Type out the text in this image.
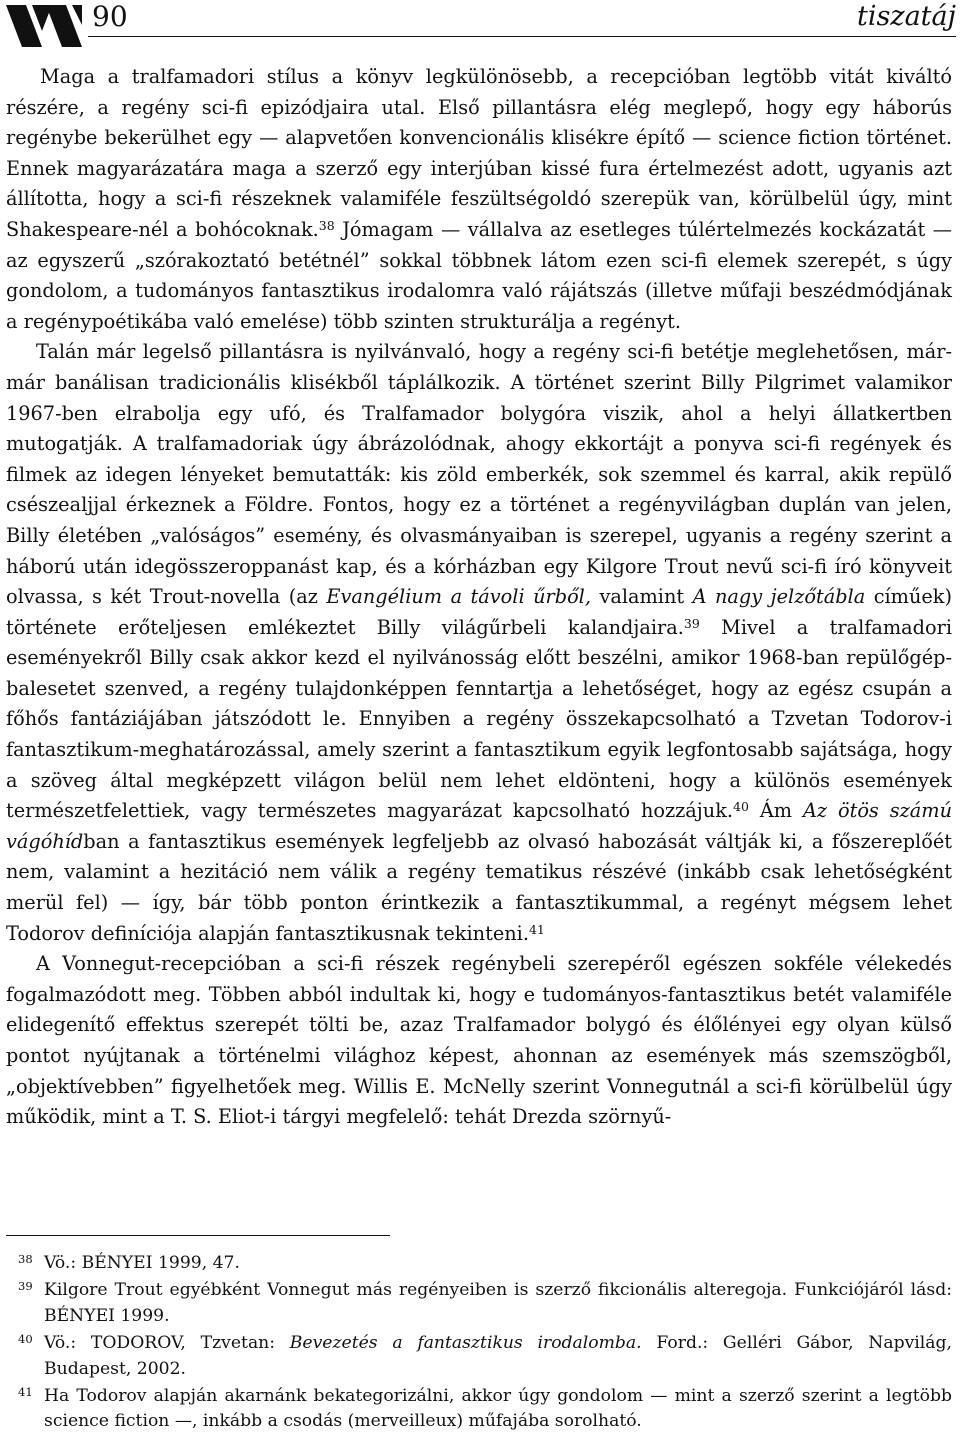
90	tiszatáj

Maga a tralfamadori stílus a könyv legkülönösebb, a recepcióban legtöbb vitát kiváltó részére, a regény sci-fi epizódjaira utal. Első pillantásra elég meglepő, hogy egy háborús regénybe bekerülhet egy — alapvetően konvencionális klisékre építő — science fiction történet. Ennek magyarázatára maga a szerző egy interjúban kissé fura értelmezést adott, ugyanis azt állította, hogy a sci-fi részeknek valamiféle feszültségoldó szerepük van, körülbelül úgy, mint Shakespeare-nél a bohócoknak.$^{38}$ Jómagam — vállalva az esetleges túlértelmezés kockázatát — az egyszerű „szórakoztató betétnél” sokkal többnek látom ezen sci-fi elemek szerepét, s úgy gondolom, a tudományos fantasztikus irodalomra való rájátszás (illetve műfaji beszédmódjának a regénypoétikába való emelése) több szinten strukturálja a regényt.

Talán már legelső pillantásra is nyilvánvaló, hogy a regény sci-fi betétje meglehetősen, már-már banálisan tradicionális klisékből táplálkozik. A történet szerint Billy Pilgrimet valamikor 1967-ben elrabolja egy ufó, és Tralfamador bolygóra viszik, ahol a helyi állatkertben mutogatják. A tralfamadoriak úgy ábrázolódnak, ahogy ekkortájt a ponyva sci-fi regények és filmek az idegen lényeket bemutatták: kis zöld emberkék, sok szemmel és karral, akik repülő csészealjjal érkeznek a Földre. Fontos, hogy ez a történet a regényvilágban duplán van jelen, Billy életében „valóságos” esemény, és olvasmányaiban is szerepel, ugyanis a regény szerint a háború után idegösszeroppanást kap, és a kórházban egy Kilgore Trout nevű sci-fi író könyveit olvassa, s két Trout-novella (az Evangélium a távoli űrből, valamint A nagy jelzőtábla címűek) története erőteljesen emlékeztet Billy világűrbeli kalandjaira.$^{39}$ Mivel a tralfamadori eseményekről Billy csak akkor kezd el nyilvánosság előtt beszélni, amikor 1968-ban repülőgép-balesetet szenved, a regény tulajdonképpen fenntartja a lehetőséget, hogy az egész csupán a főhős fantáziájában játszódott le. Ennyiben a regény összekapcsolható a Tzvetan Todorov-i fantasztikum-meghatározással, amely szerint a fantasztikum egyik legfontosabb sajátsága, hogy a szöveg által megképzett világon belül nem lehet eldönteni, hogy a különös események természetfelettiek, vagy természetes magyarázat kapcsolható hozzájuk.$^{40}$ Ám Az ötös számú vágóhídban a fantasztikus események legfeljebb az olvasó habozását váltják ki, a főszereplőét nem, valamint a hezitáció nem válik a regény tematikus részévé (inkább csak lehetőségként merül fel) — így, bár több ponton érintkezik a fantasztikummal, a regényt mégsem lehet Todorov definíciója alapján fantasztikusnak tekinteni.$^{41}$

A Vonnegut-recepcióban a sci-fi részek regénybeli szerepéről egészen sokféle vélekedés fogalmazódott meg. Többen abból indultak ki, hogy e tudományos-fantasztikus betét valamiféle elidegenítő effektus szerepét tölti be, azaz Tralfamador bolygó és élőlényei egy olyan külső pontot nyújtanak a történelmi világhoz képest, ahonnan az események más szemszögből, „objektívebben” figyelhetőek meg. Willis E. McNelly szerint Vonnegutnál a sci-fi körülbelül úgy működik, mint a T. S. Eliot-i tárgyi megfelelő: tehát Drezda szörnyű-

38 Vö.: BÉNYEI 1999, 47.
39 Kilgore Trout egyébként Vonnegut más regényeiben is szerző fikcionális alteregoja. Funkciójáról lásd: BÉNYEI 1999.
40 Vö.: TODOROV, Tzvetan: Bevezetés a fantasztikus irodalomba. Ford.: Gelléri Gábor, Napvilág, Budapest, 2002.
41 Ha Todorov alapján akarnánk bekategorizálni, akkor úgy gondolom — mint a szerző szerint a legtöbb science fiction —, inkább a csodás (merveilleux) műfajába sorolható.
